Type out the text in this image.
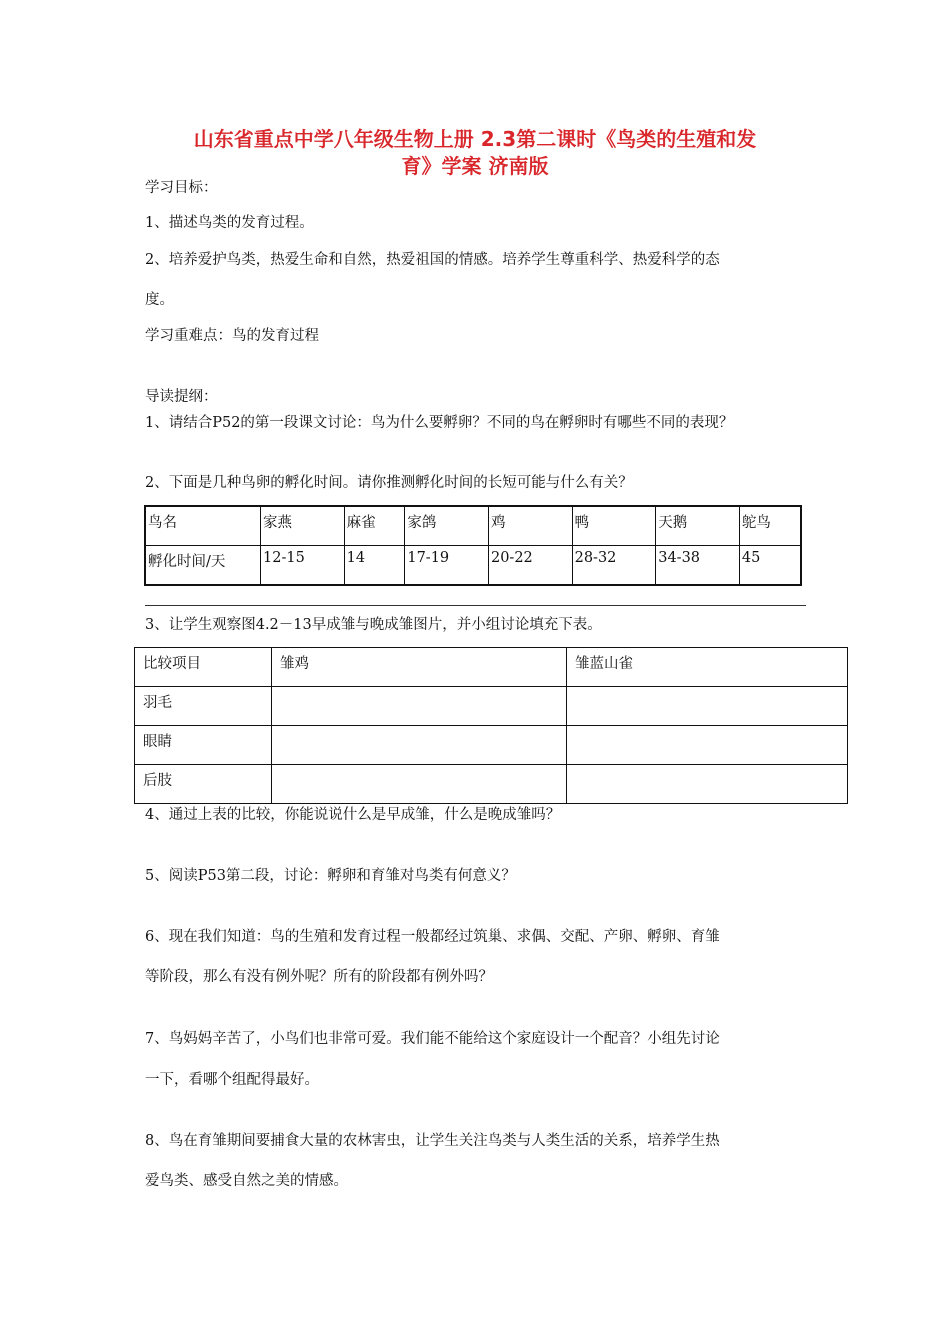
山东省重点中学八年级生物上册 2.3第二课时《鸟类的生殖和发
育》学案 济南版
学习目标：
1、描述鸟类的发育过程。
2、培养爱护鸟类，热爱生命和自然，热爱祖国的情感。培养学生尊重科学、热爱科学的态
度。
学习重难点：鸟的发育过程
导读提纲：
1、请结合P52的第一段课文讨论：鸟为什么要孵卵？不同的鸟在孵卵时有哪些不同的表现？
2、下面是几种鸟卵的孵化时间。请你推测孵化时间的长短可能与什么有关？
鸟名	家燕	麻雀	家鸽	鸡	鸭	天鹅	鸵鸟
孵化时间/天	12-15	14	17-19	20-22	28-32	34-38	45
3、让学生观察图4.2－13早成雏与晚成雏图片，并小组讨论填充下表。
比较项目	雏鸡	雏蓝山雀
羽毛		
眼睛		
后肢		
4、通过上表的比较，你能说说什么是早成雏，什么是晚成雏吗？
5、阅读P53第二段，讨论：孵卵和育雏对鸟类有何意义？
6、现在我们知道：鸟的生殖和发育过程一般都经过筑巢、求偶、交配、产卵、孵卵、育雏
等阶段，那么有没有例外呢？所有的阶段都有例外吗？
7、鸟妈妈辛苦了，小鸟们也非常可爱。我们能不能给这个家庭设计一个配音？小组先讨论
一下，看哪个组配得最好。
8、鸟在育雏期间要捕食大量的农林害虫，让学生关注鸟类与人类生活的关系，培养学生热
爱鸟类、感受自然之美的情感。
